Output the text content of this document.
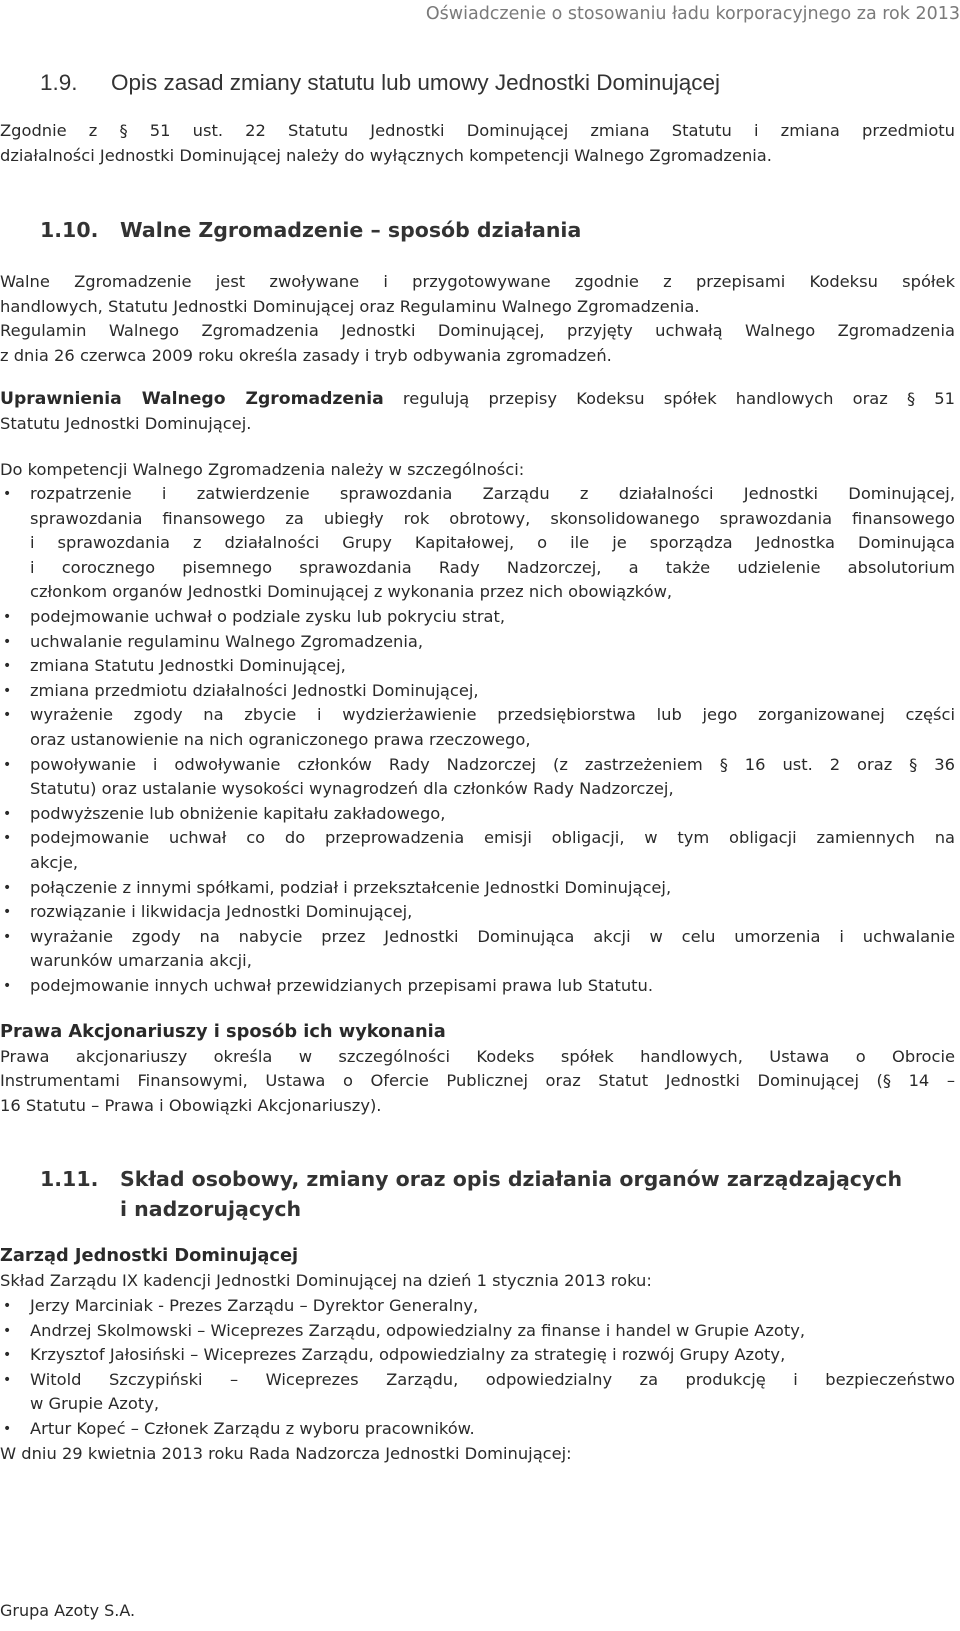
Oświadczenie o stosowaniu ładu korporacyjnego za rok 2013
1.9. Opis zasad zmiany statutu lub umowy Jednostki Dominującej
Zgodnie z § 51 ust. 22 Statutu Jednostki Dominującej zmiana Statutu i zmiana przedmiotu
działalności Jednostki Dominującej należy do wyłącznych kompetencji Walnego Zgromadzenia.
1.10. Walne Zgromadzenie – sposób działania
Walne Zgromadzenie jest zwoływane i przygotowywane zgodnie z przepisami Kodeksu spółek
handlowych, Statutu Jednostki Dominującej oraz Regulaminu Walnego Zgromadzenia.
Regulamin Walnego Zgromadzenia Jednostki Dominującej, przyjęty uchwałą Walnego Zgromadzenia
z dnia 26 czerwca 2009 roku określa zasady i tryb odbywania zgromadzeń.
Uprawnienia Walnego Zgromadzenia regulują przepisy Kodeksu spółek handlowych oraz § 51
Statutu Jednostki Dominującej.
Do kompetencji Walnego Zgromadzenia należy w szczególności:
• rozpatrzenie i zatwierdzenie sprawozdania Zarządu z działalności Jednostki Dominującej,
sprawozdania finansowego za ubiegły rok obrotowy, skonsolidowanego sprawozdania finansowego
i sprawozdania z działalności Grupy Kapitałowej, o ile je sporządza Jednostka Dominująca
i corocznego pisemnego sprawozdania Rady Nadzorczej, a także udzielenie absolutorium
członkom organów Jednostki Dominującej z wykonania przez nich obowiązków,
• podejmowanie uchwał o podziale zysku lub pokryciu strat,
• uchwalanie regulaminu Walnego Zgromadzenia,
• zmiana Statutu Jednostki Dominującej,
• zmiana przedmiotu działalności Jednostki Dominującej,
• wyrażenie zgody na zbycie i wydzierżawienie przedsiębiorstwa lub jego zorganizowanej części
oraz ustanowienie na nich ograniczonego prawa rzeczowego,
• powoływanie i odwoływanie członków Rady Nadzorczej (z zastrzeżeniem § 16 ust. 2 oraz § 36
Statutu) oraz ustalanie wysokości wynagrodzeń dla członków Rady Nadzorczej,
• podwyższenie lub obniżenie kapitału zakładowego,
• podejmowanie uchwał co do przeprowadzenia emisji obligacji, w tym obligacji zamiennych na
akcje,
• połączenie z innymi spółkami, podział i przekształcenie Jednostki Dominującej,
• rozwiązanie i likwidacja Jednostki Dominującej,
• wyrażanie zgody na nabycie przez Jednostki Dominująca akcji w celu umorzenia i uchwalanie
warunków umarzania akcji,
• podejmowanie innych uchwał przewidzianych przepisami prawa lub Statutu.
Prawa Akcjonariuszy i sposób ich wykonania
Prawa akcjonariuszy określa w szczególności Kodeks spółek handlowych, Ustawa o Obrocie
Instrumentami Finansowymi, Ustawa o Ofercie Publicznej oraz Statut Jednostki Dominującej (§ 14 –
16 Statutu – Prawa i Obowiązki Akcjonariuszy).
1.11. Skład osobowy, zmiany oraz opis działania organów zarządzających
i nadzorujących
Zarząd Jednostki Dominującej
Skład Zarządu IX kadencji Jednostki Dominującej na dzień 1 stycznia 2013 roku:
• Jerzy Marciniak - Prezes Zarządu – Dyrektor Generalny,
• Andrzej Skolmowski – Wiceprezes Zarządu, odpowiedzialny za finanse i handel w Grupie Azoty,
• Krzysztof Jałosiński – Wiceprezes Zarządu, odpowiedzialny za strategię i rozwój Grupy Azoty,
• Witold Szczypiński – Wiceprezes Zarządu, odpowiedzialny za produkcję i bezpieczeństwo
w Grupie Azoty,
• Artur Kopeć – Członek Zarządu z wyboru pracowników.
W dniu 29 kwietnia 2013 roku Rada Nadzorcza Jednostki Dominującej:
Grupa Azoty S.A.
